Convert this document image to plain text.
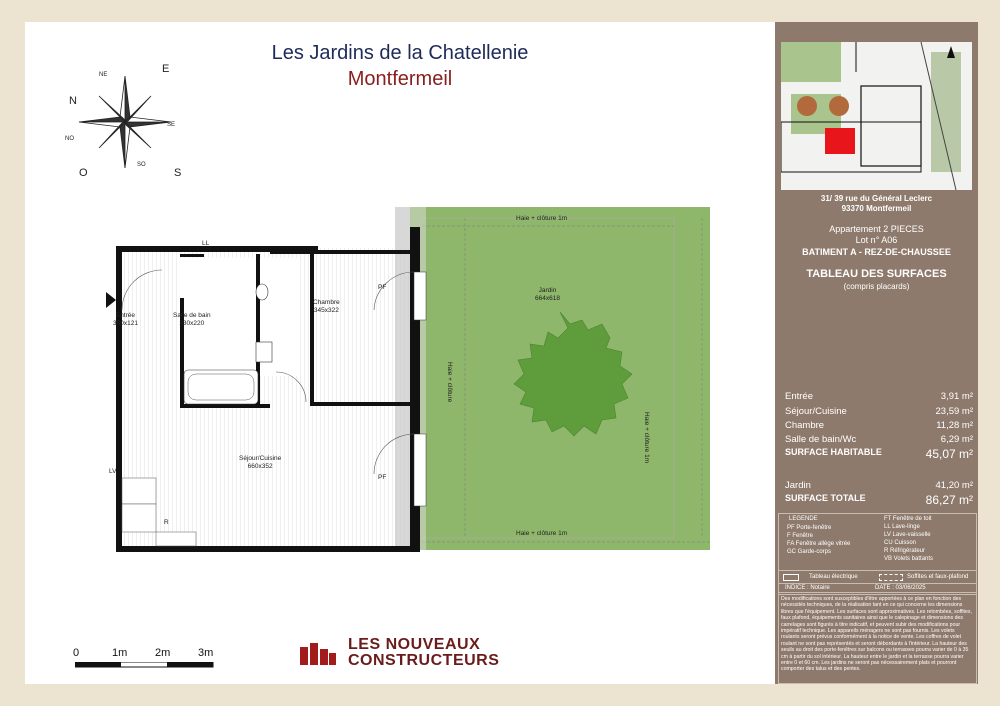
Les Jardins de la Chatellenie
Montfermeil
N
NE	E
SE
S
SO
O
NO
Entrée
350x121
Salle de bain
230x220
Chambre
345x322
Séjour/Cuisine
660x352
Jardin
664x618
LL
LV
R
PF
PF
Haie + clôture 1m
Haie + clôture 1m
Haie + clôture 1m
Haie + clôture
0	1m	2m	3m	LES NOUVEAUX
CONSTRUCTEURS
31/ 39 rue du Général Leclerc
93370 Montfermeil
Appartement 2 PIECES
Lot n° A06
BATIMENT A - REZ-DE-CHAUSSEE
TABLEAU DES SURFACES
(compris placards)
Entrée	3,91 m²
Séjour/Cuisine	23,59 m²
Chambre	11,28 m²
Salle de bain/Wc	6,29 m²
SURFACE HABITABLE	45,07 m²
Jardin	41,20 m²
SURFACE TOTALE	86,27 m²
LEGENDE
PF Porte-fenêtre
F Fenêtre
FA Fenêtre allège vitrée
GC Garde-corps
FT Fenêtre de toit
LL Lave-linge
LV Lave-vaisselle
CU Cuisson
R Réfrigérateur
VB Volets battants
Tableau électrique	Soffites et faux-plafond
INDICE : Notaire	DATE : 03/06/2025
Des modifications sont susceptibles d'être apportées à ce plan en fonction des nécessités techniques, de la réalisation tant en ce qui concerne les dimensions libres que l'équipement. Les surfaces sont approximatives. Les retombées, soffites, faux plafond, équipements sanitaires ainsi que le calepinage et dimensions des carrelages sont figurés à titre indicatif, et peuvent subir des modifications pour impératif technique. Les appareils ménagers ne sont pas fournis. Les volets roulants seront prévus conformément à la notice de vente. Les coffres de volet roulant ne sont pas représentés et seront débordants à l'intérieur. La hauteur des seuils au droit des porte-fenêtres sur balcons ou terrasses pourra varier de 0 à 35 cm à partir du sol intérieur. La hauteur entre le jardin et la terrasse pourra varier entre 0 et 60 cm. Les jardins ne seront pas nécessairement plats et pourront comporter des talus et des pentes.
